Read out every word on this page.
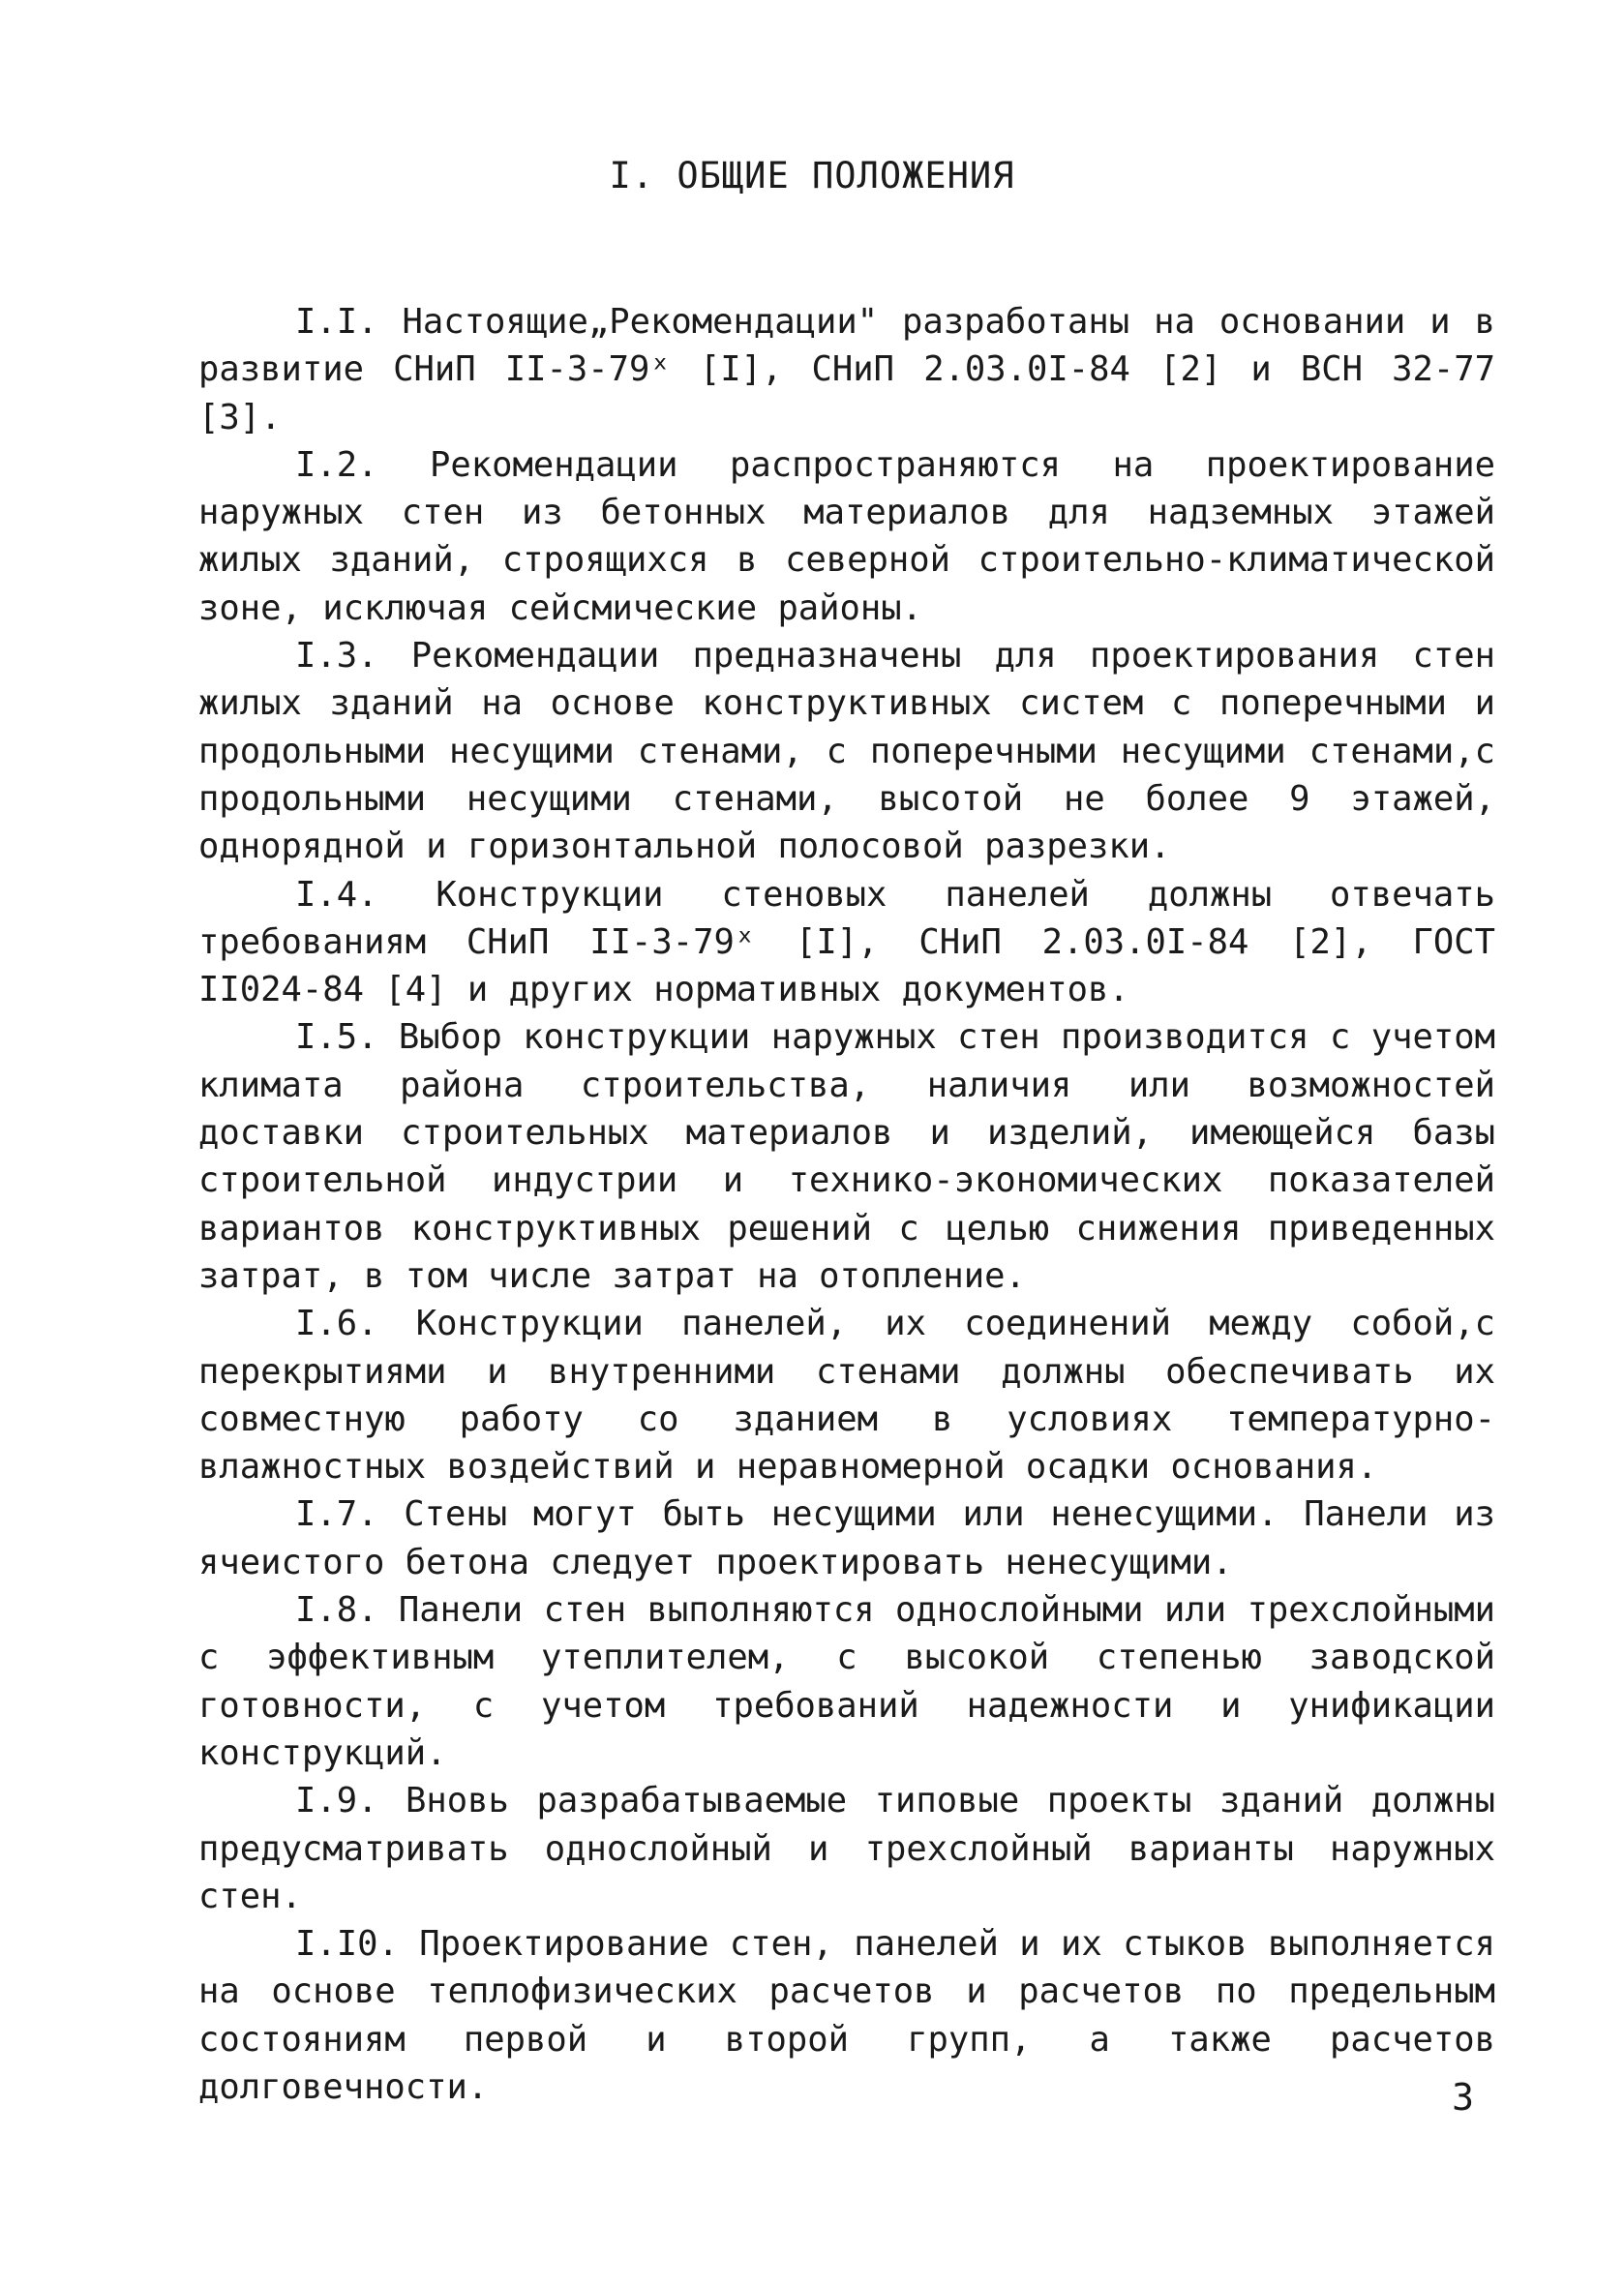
I. ОБЩИЕ ПОЛОЖЕНИЯ

I.I. Настоящие„Рекомендации" разработаны на основании и в развитие СНиП II-3-79ˣ [I], СНиП 2.03.0I-84 [2] и ВСН 32-77 [3].

I.2. Рекомендации распространяются на проектирование наружных стен из бетонных материалов для надземных этажей жилых зданий, строящихся в северной строительно-климатической зоне, исключая сейсмические районы.

I.3. Рекомендации предназначены для проектирования стен жилых зданий на основе конструктивных систем с поперечными и продольными несущими стенами, с поперечными несущими стенами,с продольными несущими стенами, высотой не более 9 этажей, однорядной и горизонтальной полосовой разрезки.

I.4. Конструкции стеновых панелей должны отвечать требованиям СНиП II-3-79ˣ [I], СНиП 2.03.0I-84 [2], ГОСТ II024-84 [4] и других нормативных документов.

I.5. Выбор конструкции наружных стен производится с учетом климата района строительства, наличия или возможностей доставки строительных материалов и изделий, имеющейся базы строительной индустрии и технико-экономических показателей вариантов конструктивных решений с целью снижения приведенных затрат, в том числе затрат на отопление.

I.6. Конструкции панелей, их соединений между собой,с перекрытиями и внутренними стенами должны обеспечивать их совместную работу со зданием в условиях температурно-влажностных воздействий и неравномерной осадки основания.

I.7. Стены могут быть несущими или ненесущими. Панели из ячеистого бетона следует проектировать ненесущими.

I.8. Панели стен выполняются однослойными или трехслойными с эффективным утеплителем, с высокой степенью заводской готовности, с учетом требований надежности и унификации конструкций.

I.9. Вновь разрабатываемые типовые проекты зданий должны предусматривать однослойный и трехслойный варианты наружных стен.

I.I0. Проектирование стен, панелей и их стыков выполняется на основе теплофизических расчетов и расчетов по предельным состояниям первой и второй групп, а также расчетов долговечности.	3
